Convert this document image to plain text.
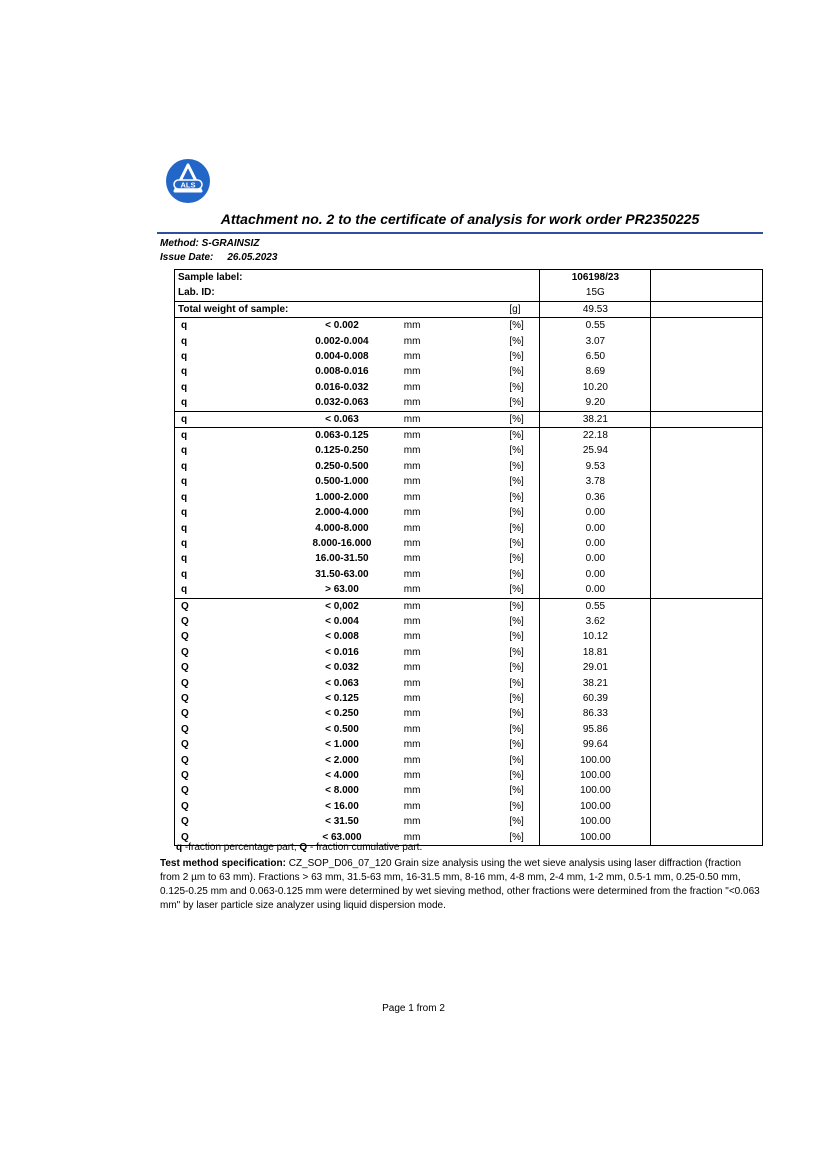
ALS
Attachment no. 2 to the certificate of analysis for work order PR2350225
Method: S-GRAINSIZ
Issue Date: 26.05.2023
Sample label:				106198/23	
Lab. ID:				15G	
Total weight of sample:			[g]	49.53	
q	< 0.002	mm	[%]	0.55	
q	0.002-0.004	mm	[%]	3.07	
q	0.004-0.008	mm	[%]	6.50	
q	0.008-0.016	mm	[%]	8.69	
q	0.016-0.032	mm	[%]	10.20	
q	0.032-0.063	mm	[%]	9.20	
q	< 0.063	mm	[%]	38.21	
q	0.063-0.125	mm	[%]	22.18	
q	0.125-0.250	mm	[%]	25.94	
q	0.250-0.500	mm	[%]	9.53	
q	0.500-1.000	mm	[%]	3.78	
q	1.000-2.000	mm	[%]	0.36	
q	2.000-4.000	mm	[%]	0.00	
q	4.000-8.000	mm	[%]	0.00	
q	8.000-16.000	mm	[%]	0.00	
q	16.00-31.50	mm	[%]	0.00	
q	31.50-63.00	mm	[%]	0.00	
q	> 63.00	mm	[%]	0.00	
Q	< 0,002	mm	[%]	0.55	
Q	< 0.004	mm	[%]	3.62	
Q	< 0.008	mm	[%]	10.12	
Q	< 0.016	mm	[%]	18.81	
Q	< 0.032	mm	[%]	29.01	
Q	< 0.063	mm	[%]	38.21	
Q	< 0.125	mm	[%]	60.39	
Q	< 0.250	mm	[%]	86.33	
Q	< 0.500	mm	[%]	95.86	
Q	< 1.000	mm	[%]	99.64	
Q	< 2.000	mm	[%]	100.00	
Q	< 4.000	mm	[%]	100.00	
Q	< 8.000	mm	[%]	100.00	
Q	< 16.00	mm	[%]	100.00	
Q	< 31.50	mm	[%]	100.00	
Q	< 63.000	mm	[%]	100.00	
q -fraction percentage part, Q - fraction cumulative part.
Test method specification: CZ_SOP_D06_07_120 Grain size analysis using the wet sieve analysis using laser diffraction (fraction from 2 µm to 63 mm). Fractions > 63 mm, 31.5-63 mm, 16-31.5 mm, 8-16 mm, 4-8 mm, 2-4 mm, 1-2 mm, 0.5-1 mm, 0.25-0.50 mm, 0.125-0.25 mm and 0.063-0.125 mm were determined by wet sieving method, other fractions were determined from the fraction "<0.063 mm" by laser particle size analyzer using liquid dispersion mode.
Page 1 from 2
